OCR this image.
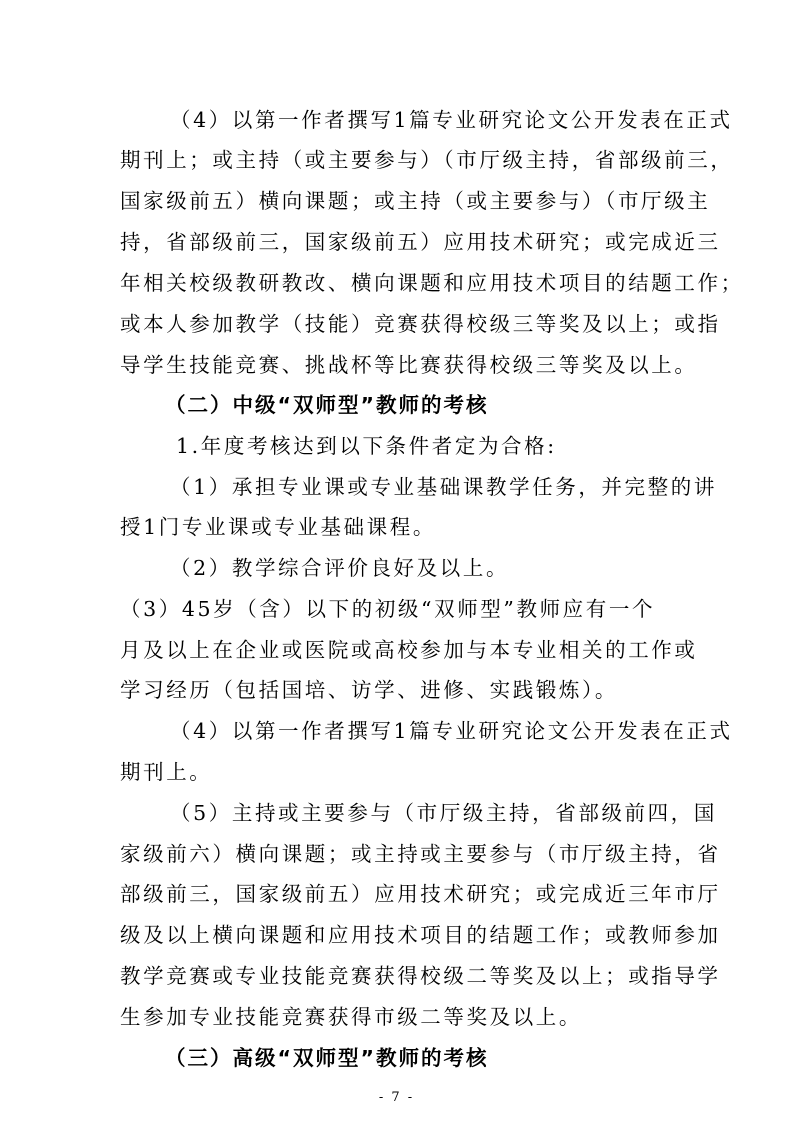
（4）以第一作者撰写1篇专业研究论文公开发表在正式
期刊上；或主持（或主要参与）（市厅级主持，省部级前三，
国家级前五）横向课题；或主持（或主要参与）（市厅级主
持，省部级前三，国家级前五）应用技术研究；或完成近三
年相关校级教研教改、横向课题和应用技术项目的结题工作；
或本人参加教学（技能）竞赛获得校级三等奖及以上；或指
导学生技能竞赛、挑战杯等比赛获得校级三等奖及以上。
（二）中级“双师型”教师的考核
1.年度考核达到以下条件者定为合格:
（1）承担专业课或专业基础课教学任务，并完整的讲
授1门专业课或专业基础课程。
（2）教学综合评价良好及以上。
（3）45岁（含）以下的初级“双师型”教师应有一个
月及以上在企业或医院或高校参加与本专业相关的工作或
学习经历（包括国培、访学、进修、实践锻炼）。
（4）以第一作者撰写1篇专业研究论文公开发表在正式
期刊上。
（5）主持或主要参与（市厅级主持，省部级前四，国
家级前六）横向课题；或主持或主要参与（市厅级主持，省
部级前三，国家级前五）应用技术研究；或完成近三年市厅
级及以上横向课题和应用技术项目的结题工作；或教师参加
教学竞赛或专业技能竞赛获得校级二等奖及以上；或指导学
生参加专业技能竞赛获得市级二等奖及以上。
（三）高级“双师型”教师的考核
- 7 -
